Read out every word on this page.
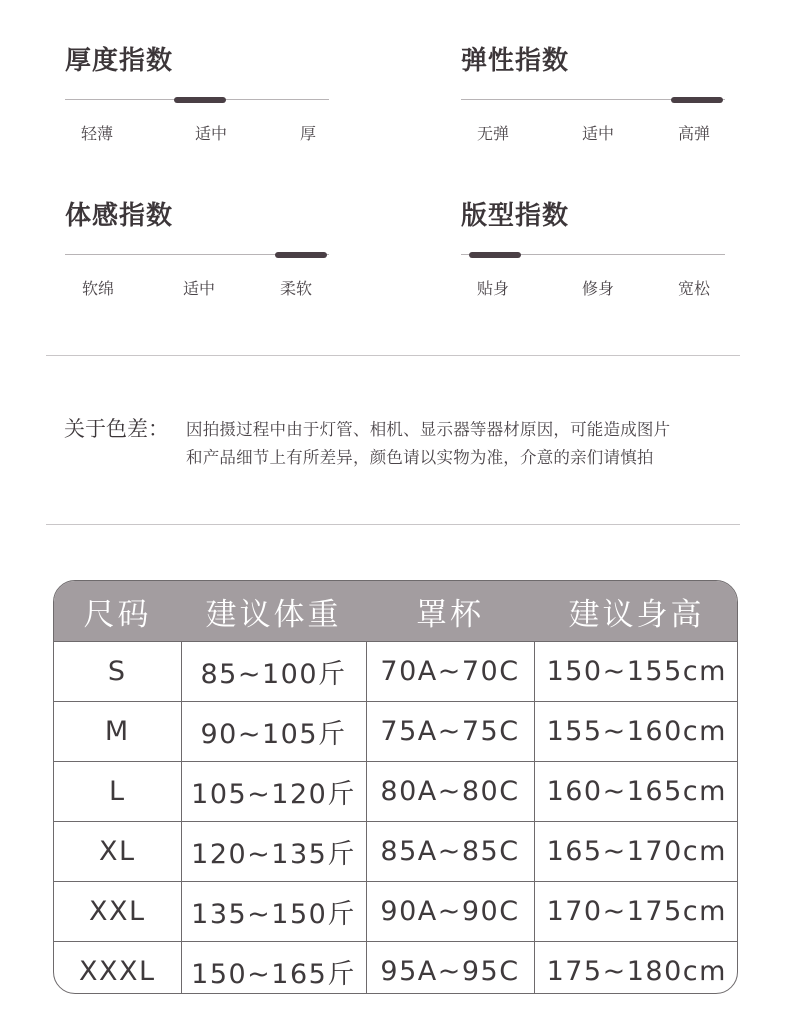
厚度指数
轻薄	适中	厚
弹性指数
无弹	适中	高弹
体感指数
软绵	适中	柔软
版型指数
贴身	修身	宽松
关于色差： 因拍摄过程中由于灯管、相机、显示器等器材原因，可能造成图片
和产品细节上有所差异，颜色请以实物为准，介意的亲们请慎拍
尺码	建议体重	罩杯	建议身高
S	85~100斤	70A~70C	150~155cm
M	90~105斤	75A~75C	155~160cm
L	105~120斤	80A~80C	160~165cm
XL	120~135斤	85A~85C	165~170cm
XXL	135~150斤	90A~90C	170~175cm
XXXL	150~165斤	95A~95C	175~180cm
